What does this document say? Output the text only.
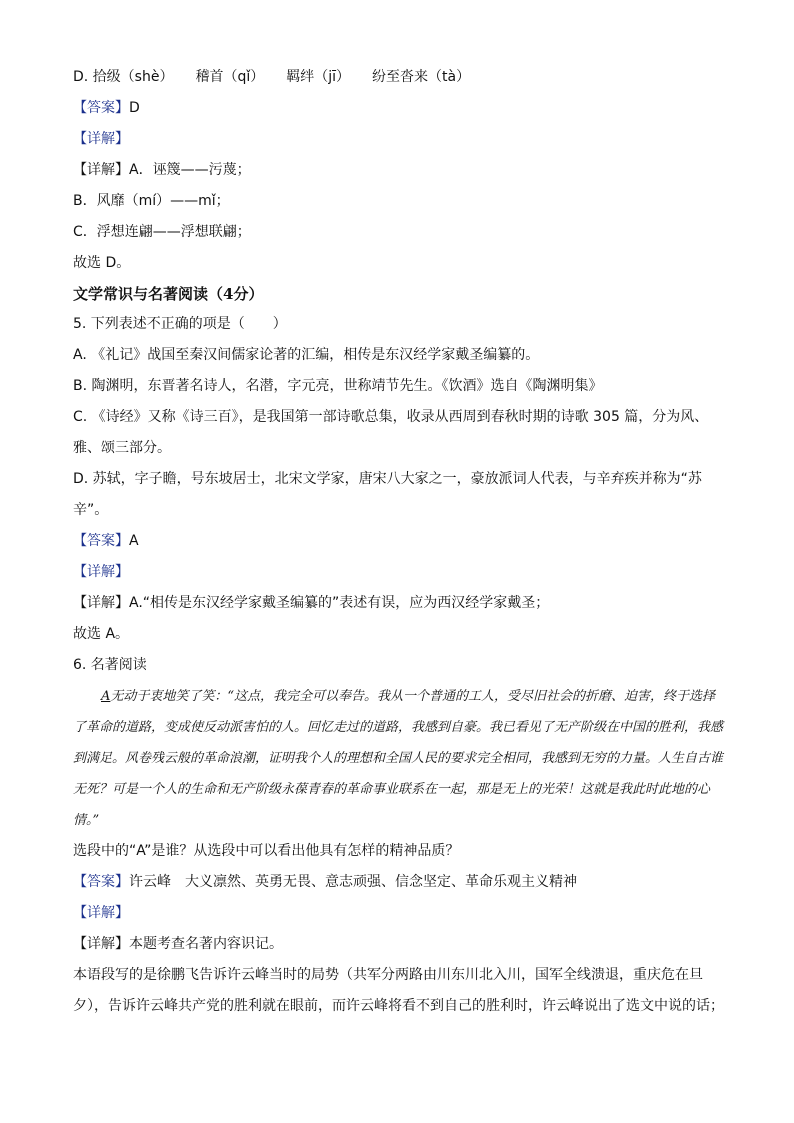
D. 拾级（shè） 稽首（qǐ） 羁绊（jī） 纷至沓来（tà）
【答案】D
【详解】
【详解】A．诬篾——污蔑；
B．风靡（mí）——mǐ；
C．浮想连翩——浮想联翩；
故选 D。
文学常识与名著阅读（4分）
5. 下列表述不正确的项是（　　）
A. 《礼记》战国至秦汉间儒家论著的汇编，相传是东汉经学家戴圣编纂的。
B. 陶渊明，东晋著名诗人，名潜，字元亮，世称靖节先生。《饮酒》选自《陶渊明集》
C. 《诗经》又称《诗三百》，是我国第一部诗歌总集，收录从西周到春秋时期的诗歌 305 篇，分为风、雅、颂三部分。
D. 苏轼，字子瞻，号东坡居士，北宋文学家，唐宋八大家之一，豪放派词人代表，与辛弃疾并称为“苏辛”。
【答案】A
【详解】
【详解】A.“相传是东汉经学家戴圣编纂的”表述有误，应为西汉经学家戴圣；
故选 A。
6. 名著阅读

A无动于衷地笑了笑：“这点，我完全可以奉告。我从一个普通的工人，受尽旧社会的折磨、迫害，终于选择了革命的道路，变成使反动派害怕的人。回忆走过的道路，我感到自豪。我已看见了无产阶级在中国的胜利，我感到满足。风卷残云般的革命浪潮，证明我个人的理想和全国人民的要求完全相同，我感到无穷的力量。人生自古谁无死？可是一个人的生命和无产阶级永葆青春的革命事业联系在一起，那是无上的光荣！这就是我此时此地的心情。”

选段中的“A”是谁？从选段中可以看出他具有怎样的精神品质？
【答案】许云峰　大义凛然、英勇无畏、意志顽强、信念坚定、革命乐观主义精神
【详解】
【详解】本题考查名著内容识记。
本语段写的是徐鹏飞告诉许云峰当时的局势（共军分两路由川东川北入川，国军全线溃退，重庆危在旦夕），告诉许云峰共产党的胜利就在眼前，而许云峰将看不到自己的胜利时，许云峰说出了选文中说的话；
